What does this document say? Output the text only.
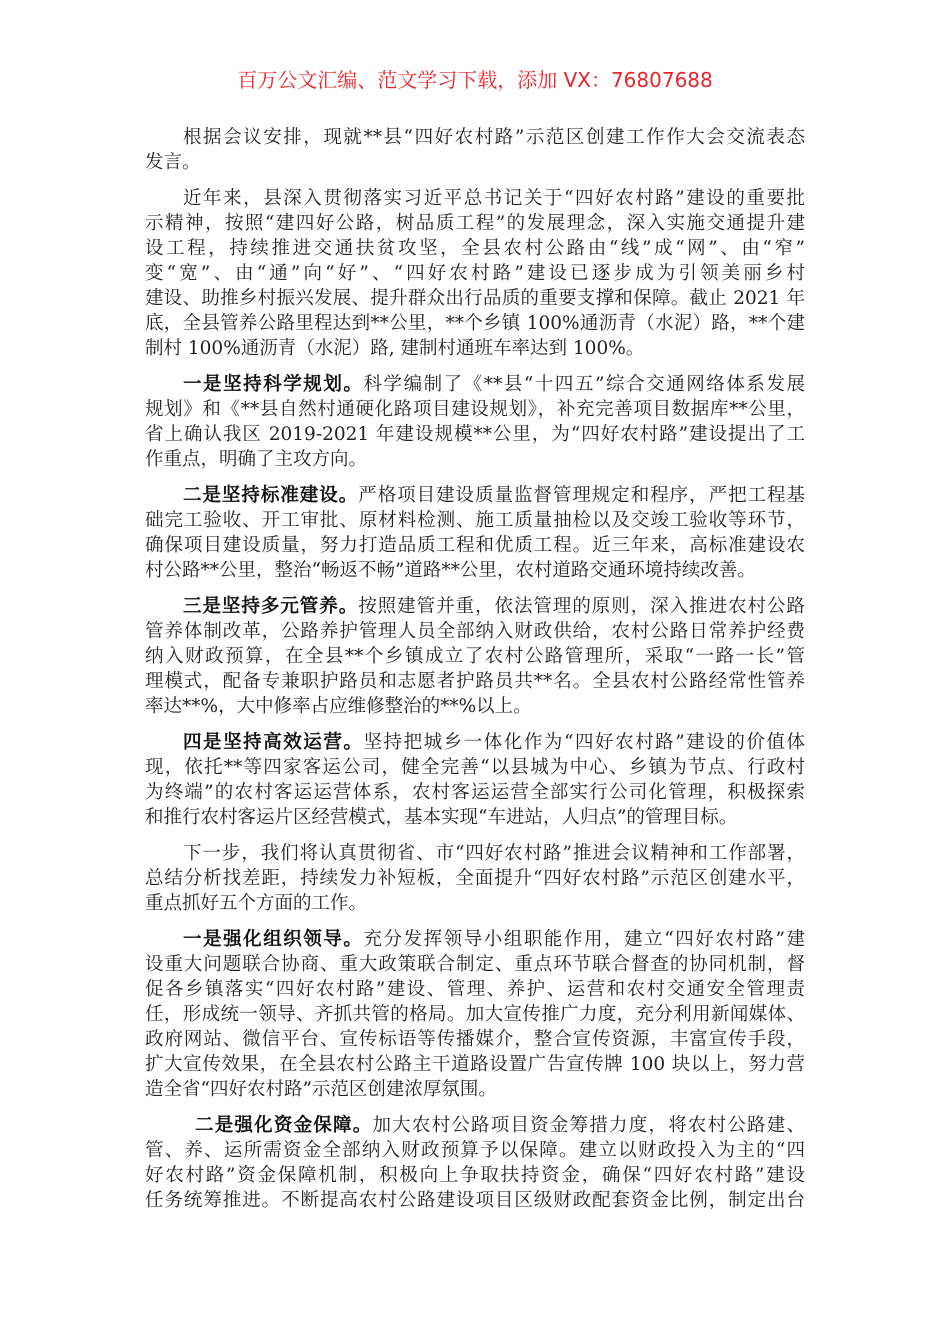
百万公文汇编、范文学习下载，添加 VX：76807688
根据会议安排，现就**县“四好农村路”示范区创建工作作大会交流表态
发言。
近年来，县深入贯彻落实习近平总书记关于“四好农村路”建设的重要批
示精神，按照“建四好公路，树品质工程”的发展理念，深入实施交通提升建
设工程，持续推进交通扶贫攻坚，全县农村公路由“线”成“网”、由“窄”
变“宽”、由“通”向“好”、“四好农村路”建设已逐步成为引领美丽乡村
建设、助推乡村振兴发展、提升群众出行品质的重要支撑和保障。截止 2021 年
底，全县管养公路里程达到**公里，**个乡镇 100%通沥青（水泥）路，**个建
制村 100%通沥青（水泥）路, 建制村通班车率达到 100%。
一是坚持科学规划。科学编制了《**县“十四五”综合交通网络体系发展
规划》和《**县自然村通硬化路项目建设规划》，补充完善项目数据库**公里，
省上确认我区 2019-2021 年建设规模**公里，为“四好农村路”建设提出了工
作重点，明确了主攻方向。
二是坚持标准建设。严格项目建设质量监督管理规定和程序，严把工程基
础完工验收、开工审批、原材料检测、施工质量抽检以及交竣工验收等环节，
确保项目建设质量，努力打造品质工程和优质工程。近三年来，高标准建设农
村公路**公里，整治“畅返不畅”道路**公里，农村道路交通环境持续改善。
三是坚持多元管养。按照建管并重，依法管理的原则，深入推进农村公路
管养体制改革，公路养护管理人员全部纳入财政供给，农村公路日常养护经费
纳入财政预算，在全县**个乡镇成立了农村公路管理所，采取“一路一长”管
理模式，配备专兼职护路员和志愿者护路员共**名。全县农村公路经常性管养
率达**%，大中修率占应维修整治的**%以上。
四是坚持高效运营。坚持把城乡一体化作为“四好农村路”建设的价值体
现，依托**等四家客运公司，健全完善“以县城为中心、乡镇为节点、行政村
为终端”的农村客运运营体系，农村客运运营全部实行公司化管理，积极探索
和推行农村客运片区经营模式，基本实现“车进站，人归点”的管理目标。
下一步，我们将认真贯彻省、市“四好农村路”推进会议精神和工作部署，
总结分析找差距，持续发力补短板，全面提升“四好农村路”示范区创建水平，
重点抓好五个方面的工作。
一是强化组织领导。充分发挥领导小组职能作用，建立“四好农村路”建
设重大问题联合协商、重大政策联合制定、重点环节联合督查的协同机制，督
促各乡镇落实“四好农村路”建设、管理、养护、运营和农村交通安全管理责
任，形成统一领导、齐抓共管的格局。加大宣传推广力度，充分利用新闻媒体、
政府网站、微信平台、宣传标语等传播媒介，整合宣传资源，丰富宣传手段，
扩大宣传效果，在全县农村公路主干道路设置广告宣传牌 100 块以上，努力营
造全省“四好农村路”示范区创建浓厚氛围。
二是强化资金保障。加大农村公路项目资金筹措力度，将农村公路建、
管、养、运所需资金全部纳入财政预算予以保障。建立以财政投入为主的“四
好农村路”资金保障机制，积极向上争取扶持资金，确保“四好农村路”建设
任务统筹推进。不断提高农村公路建设项目区级财政配套资金比例，制定出台
